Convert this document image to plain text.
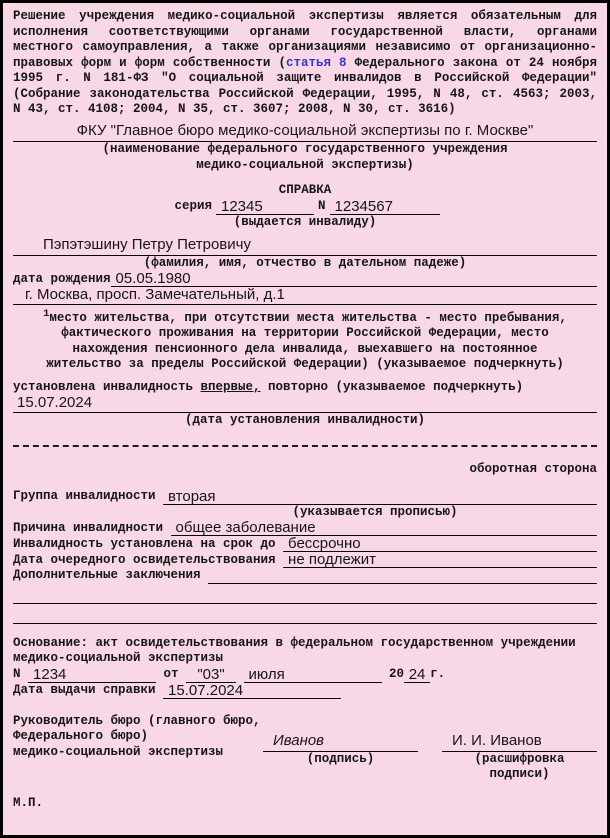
Решение учреждения медико-социальной экспертизы является обязательным для исполнения соответствующими органами государственной власти, органами местного самоуправления, а также организациями независимо от организационно-правовых форм и форм собственности (статья 8 Федерального закона от 24 ноября 1995 г. N 181-ФЗ "О социальной защите инвалидов в Российской Федерации" (Собрание законодательства Российской Федерации, 1995, N 48, ст. 4563; 2003, N 43, ст. 4108; 2004, N 35, ст. 3607; 2008, N 30, ст. 3616)

ФКУ "Главное бюро медико-социальной экспертизы по г. Москве"
(наименование федерального государственного учреждения
медико-социальной экспертизы)
СПРАВКА
серия 12345	N 1234567
(выдается инвалиду)
Пэпэтэшину Петру Петровичу
(фамилия, имя, отчество в дательном падеже)
дата рождения 05.05.1980
г. Москва, просп. Замечательный, д.1
$^1$место жительства, при отсутствии места жительства - место пребывания,
фактического проживания на территории Российской Федерации, место
нахождения пенсионного дела инвалида, выехавшего на постоянное
жительство за пределы Российской Федерации) (указываемое подчеркнуть)
установлена инвалидность впервые, повторно (указываемое подчеркнуть)
15.07.2024
(дата установления инвалидности)
оборотная сторона
Группа инвалидности вторая
(указывается прописью)
Причина инвалидности общее заболевание
Инвалидность установлена на срок до бессрочно
Дата очередного освидетельствования не подлежит
Дополнительные заключения
Основание: акт освидетельствования в федеральном государственном учреждении медико-социальной экспертизы
N 1234	от "03"
	июля	20 24 г.
Дата выдачи справки 15.07.2024
Руководитель бюро (главного бюро,
Федерального бюро)
медико-социальной экспертизы
Иванов
(подпись)
И. И. Иванов
(расшифровка подписи)
М.П.
